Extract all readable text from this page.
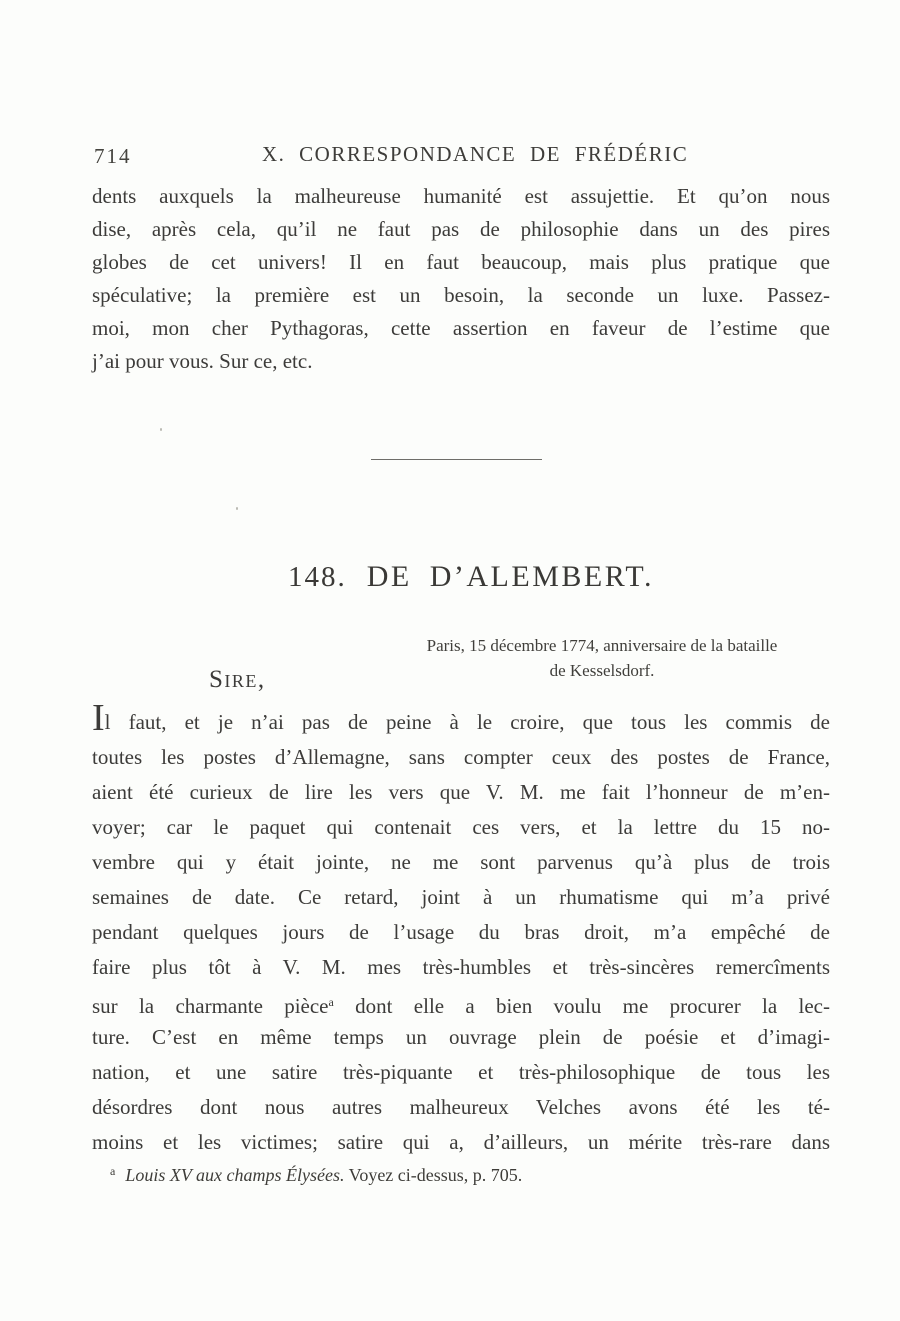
714	X. CORRESPONDANCE DE FRÉDÉRIC
dents auxquels la malheureuse humanité est assujettie. Et qu’on nous
dise, après cela, qu’il ne faut pas de philosophie dans un des pires
globes de cet univers! Il en faut beaucoup, mais plus pratique que
spéculative; la première est un besoin, la seconde un luxe. Passez-
moi, mon cher Pythagoras, cette assertion en faveur de l’estime que
j’ai pour vous. Sur ce, etc.
148. DE D’ALEMBERT.
Paris, 15 décembre 1774, anniversaire de la bataille
de Kesselsdorf.
Sire,
Il faut, et je n’ai pas de peine à le croire, que tous les commis de
toutes les postes d’Allemagne, sans compter ceux des postes de France,
aient été curieux de lire les vers que V. M. me fait l’honneur de m’en-
voyer; car le paquet qui contenait ces vers, et la lettre du 15 no-
vembre qui y était jointe, ne me sont parvenus qu’à plus de trois
semaines de date. Ce retard, joint à un rhumatisme qui m’a privé
pendant quelques jours de l’usage du bras droit, m’a empêché de
faire plus tôt à V. M. mes très-humbles et très-sincères remercîments
sur la charmante pièce$^a$ dont elle a bien voulu me procurer la lec-
ture. C’est en même temps un ouvrage plein de poésie et d’imagi-
nation, et une satire très-piquante et très-philosophique de tous les
désordres dont nous autres malheureux Velches avons été les té-
moins et les victimes; satire qui a, d’ailleurs, un mérite très-rare dans
$^a$ Louis XV aux champs Élysées. Voyez ci-dessus, p. 705.
